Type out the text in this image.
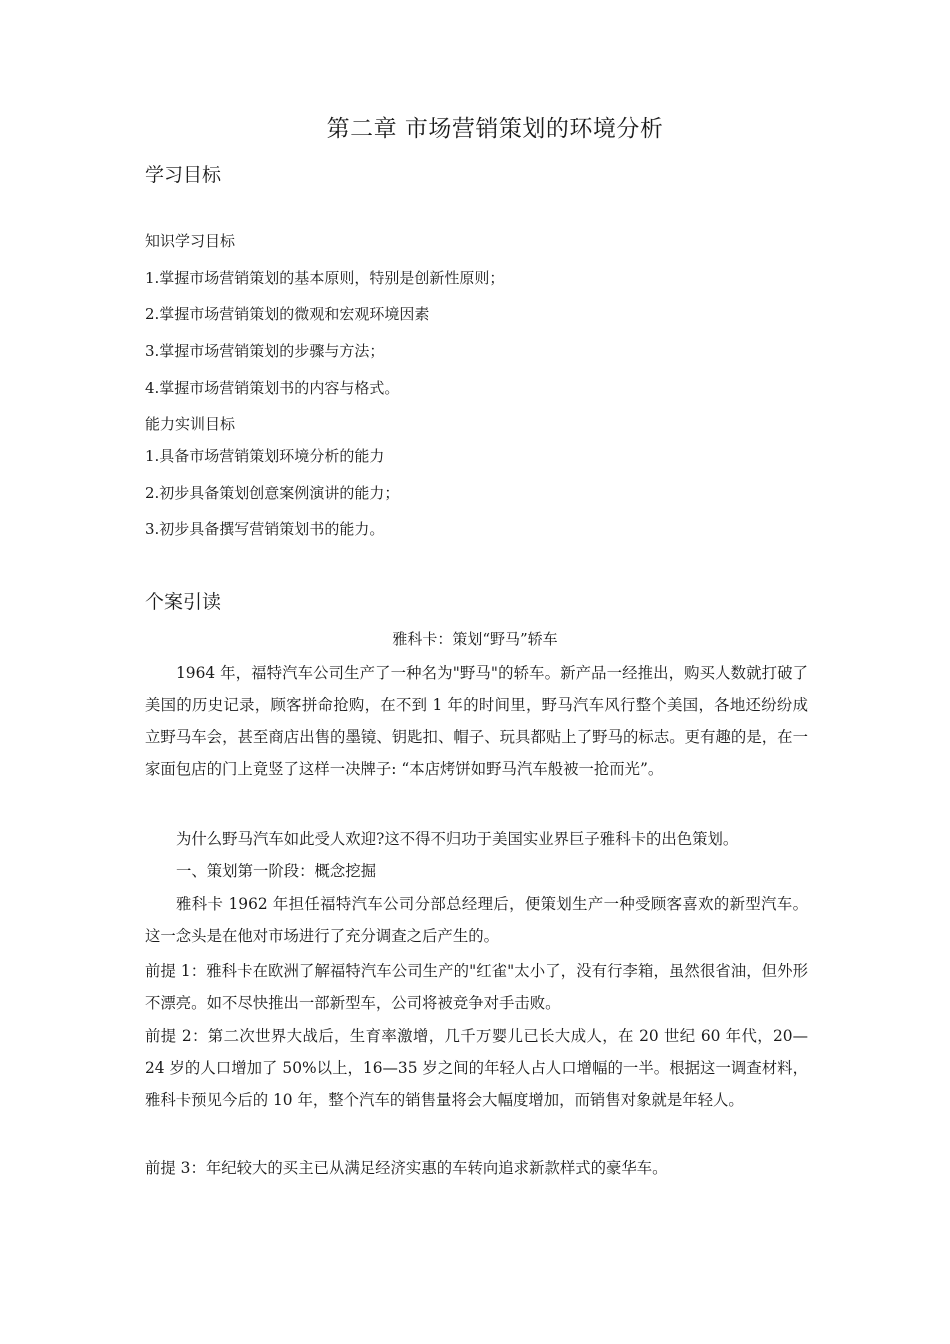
第二章 市场营销策划的环境分析
学习目标
知识学习目标
1.掌握市场营销策划的基本原则，特别是创新性原则；
2.掌握市场营销策划的微观和宏观环境因素
3.掌握市场营销策划的步骤与方法；
4.掌握市场营销策划书的内容与格式。
能力实训目标
1.具备市场营销策划环境分析的能力
2.初步具备策划创意案例演讲的能力；
3.初步具备撰写营销策划书的能力。
个案引读
雅科卡：策划“野马”轿车

1964 年，福特汽车公司生产了一种名为"野马"的轿车。新产品一经推出，购买人数就打破了美国的历史记录，顾客拼命抢购，在不到 1 年的时间里，野马汽车风行整个美国，各地还纷纷成立野马车会，甚至商店出售的墨镜、钥匙扣、帽子、玩具都贴上了野马的标志。更有趣的是，在一家面包店的门上竟竖了这样一决牌子: “本店烤饼如野马汽车般被一抢而光”。

为什么野马汽车如此受人欢迎?这不得不归功于美国实业界巨子雅科卡的出色策划。

一、策划第一阶段：概念挖掘

雅科卡 1962 年担任福特汽车公司分部总经理后，便策划生产一种受顾客喜欢的新型汽车。这一念头是在他对市场进行了充分调查之后产生的。

前提 1：雅科卡在欧洲了解福特汽车公司生产的"红雀"太小了，没有行李箱，虽然很省油，但外形不漂亮。如不尽快推出一部新型车，公司将被竞争对手击败。

前提 2：第二次世界大战后，生育率激增，几千万婴儿已长大成人，在 20 世纪 60 年代，20—24 岁的人口增加了 50%以上，16—35 岁之间的年轻人占人口增幅的一半。根据这一调查材料，雅科卡预见今后的 10 年，整个汽车的销售量将会大幅度增加，而销售对象就是年轻人。

前提 3：年纪较大的买主已从满足经济实惠的车转向追求新款样式的豪华车。
